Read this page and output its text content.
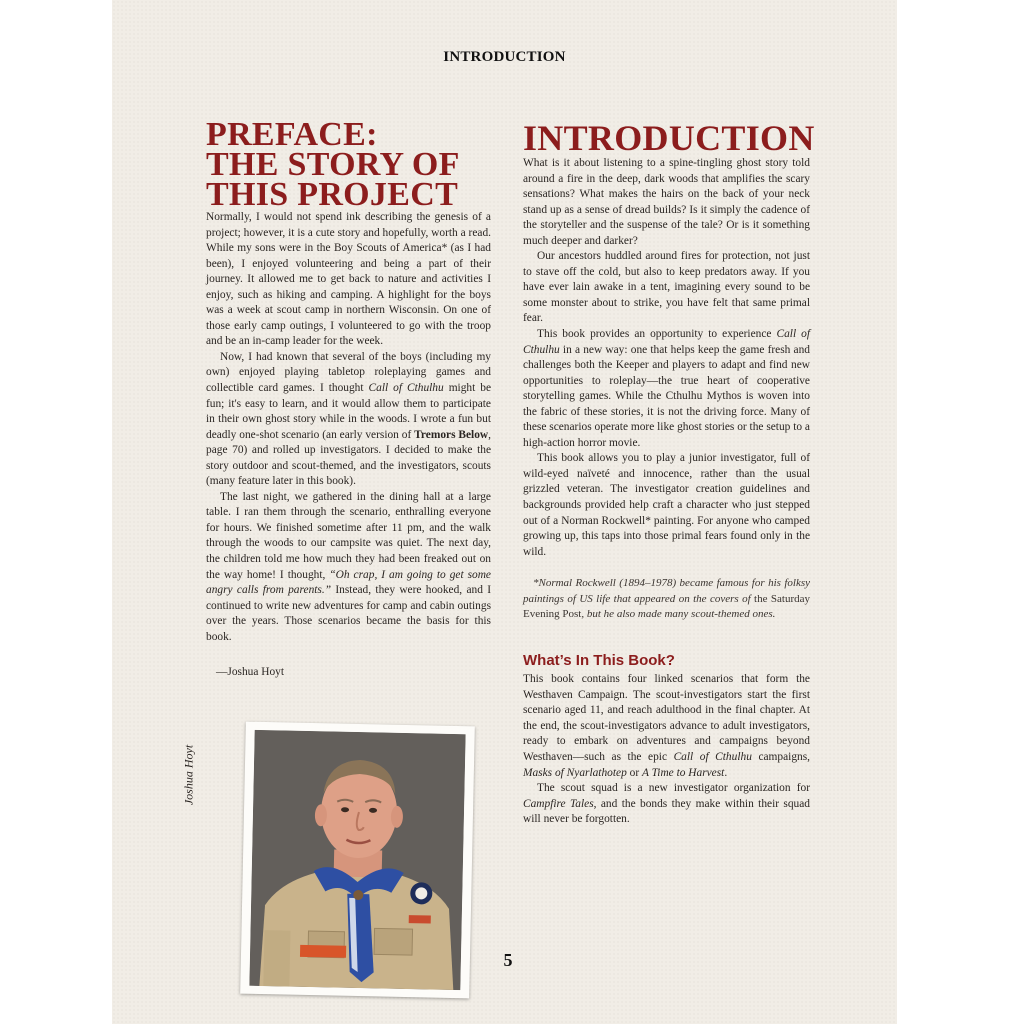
INTRODUCTION
PREFACE:
THE STORY OF
THIS PROJECT

Normally, I would not spend ink describing the genesis of a project; however, it is a cute story and hopefully, worth a read. While my sons were in the Boy Scouts of America* (as I had been), I enjoyed volunteering and being a part of their journey. It allowed me to get back to nature and activities I enjoy, such as hiking and camping. A highlight for the boys was a week at scout camp in northern Wisconsin. On one of those early camp outings, I volunteered to go with the troop and be an in-camp leader for the week.

Now, I had known that several of the boys (including my own) enjoyed playing tabletop roleplaying games and collectible card games. I thought Call of Cthulhu might be fun; it's easy to learn, and it would allow them to participate in their own ghost story while in the woods. I wrote a fun but deadly one-shot scenario (an early version of Tremors Below, page 70) and rolled up investigators. I decided to make the story outdoor and scout-themed, and the investigators, scouts (many feature later in this book).

The last night, we gathered in the dining hall at a large table. I ran them through the scenario, enthralling everyone for hours. We finished sometime after 11 pm, and the walk through the woods to our campsite was quiet. The next day, the children told me how much they had been freaked out on the way home! I thought, “Oh crap, I am going to get some angry calls from parents.” Instead, they were hooked, and I continued to write new adventures for camp and cabin outings over the years. Those scenarios became the basis for this book.

—Joshua Hoyt
Joshua Hoyt
INTRODUCTION

What is it about listening to a spine-tingling ghost story told around a fire in the deep, dark woods that amplifies the scary sensations? What makes the hairs on the back of your neck stand up as a sense of dread builds? Is it simply the cadence of the storyteller and the suspense of the tale? Or is it something much deeper and darker?

Our ancestors huddled around fires for protection, not just to stave off the cold, but also to keep predators away. If you have ever lain awake in a tent, imagining every sound to be some monster about to strike, you have felt that same primal fear.

This book provides an opportunity to experience Call of Cthulhu in a new way: one that helps keep the game fresh and challenges both the Keeper and players to adapt and find new opportunities to roleplay—the true heart of cooperative storytelling games. While the Cthulhu Mythos is woven into the fabric of these stories, it is not the driving force. Many of these scenarios operate more like ghost stories or the setup to a high-action horror movie.

This book allows you to play a junior investigator, full of wild-eyed naïveté and innocence, rather than the usual grizzled veteran. The investigator creation guidelines and backgrounds provided help craft a character who just stepped out of a Norman Rockwell* painting. For anyone who camped growing up, this taps into those primal fears found only in the wild.

*Normal Rockwell (1894–1978) became famous for his folksy paintings of US life that appeared on the covers of the Saturday Evening Post, but he also made many scout-themed ones.

What’s In This Book?

This book contains four linked scenarios that form the Westhaven Campaign. The scout-investigators start the first scenario aged 11, and reach adulthood in the final chapter. At the end, the scout-investigators advance to adult investigators, ready to embark on adventures and campaigns beyond Westhaven—such as the epic Call of Cthulhu campaigns, Masks of Nyarlathotep or A Time to Harvest.

The scout squad is a new investigator organization for Campfire Tales, and the bonds they make within their squad will never be forgotten.

5
